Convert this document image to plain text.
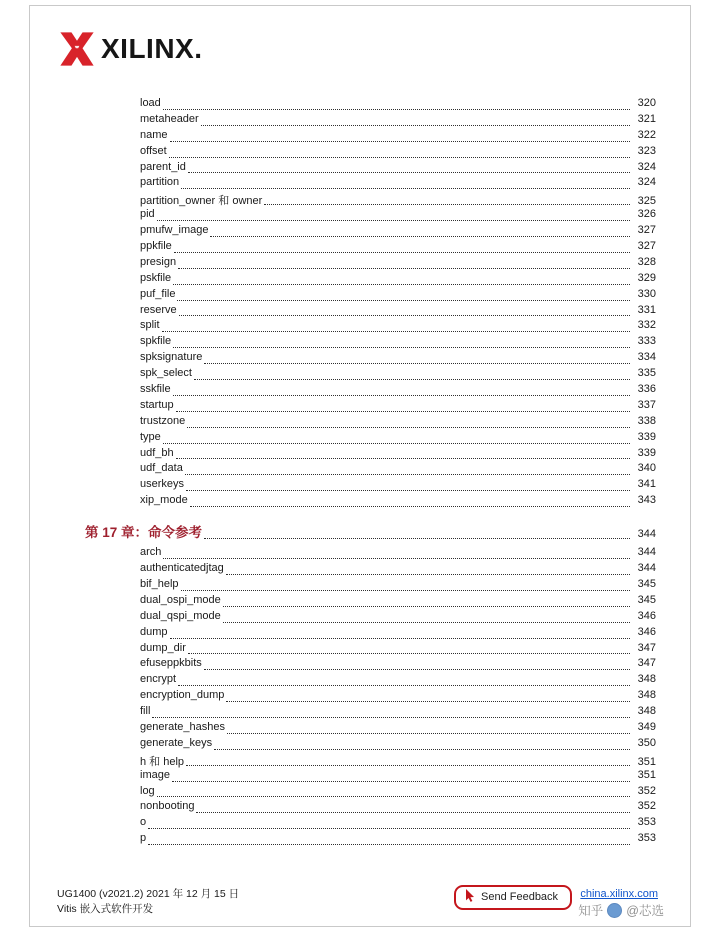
XILINX.
load	320
metaheader	321
name	322
offset	323
parent_id	324
partition	324
partition_owner 和 owner	325
pid	326
pmufw_image	327
ppkfile	327
presign	328
pskfile	329
puf_file	330
reserve	331
split	332
spkfile	333
spksignature	334
spk_select	335
sskfile	336
startup	337
trustzone	338
type	339
udf_bh	339
udf_data	340
userkeys	341
xip_mode	343
第 17 章：命令参考	344
arch	344
authenticatedjtag	344
bif_help	345
dual_ospi_mode	345
dual_qspi_mode	346
dump	346
dump_dir	347
efuseppkbits	347
encrypt	348
encryption_dump	348
fill	348
generate_hashes	349
generate_keys	350
h 和 help	351
image	351
log	352
nonbooting	352
o	353
p	353
UG1400 (v2021.2) 2021 年 12 月 15 日
Vitis 嵌入式软件开发
Send Feedback china.xilinx.com
知乎 @芯选
